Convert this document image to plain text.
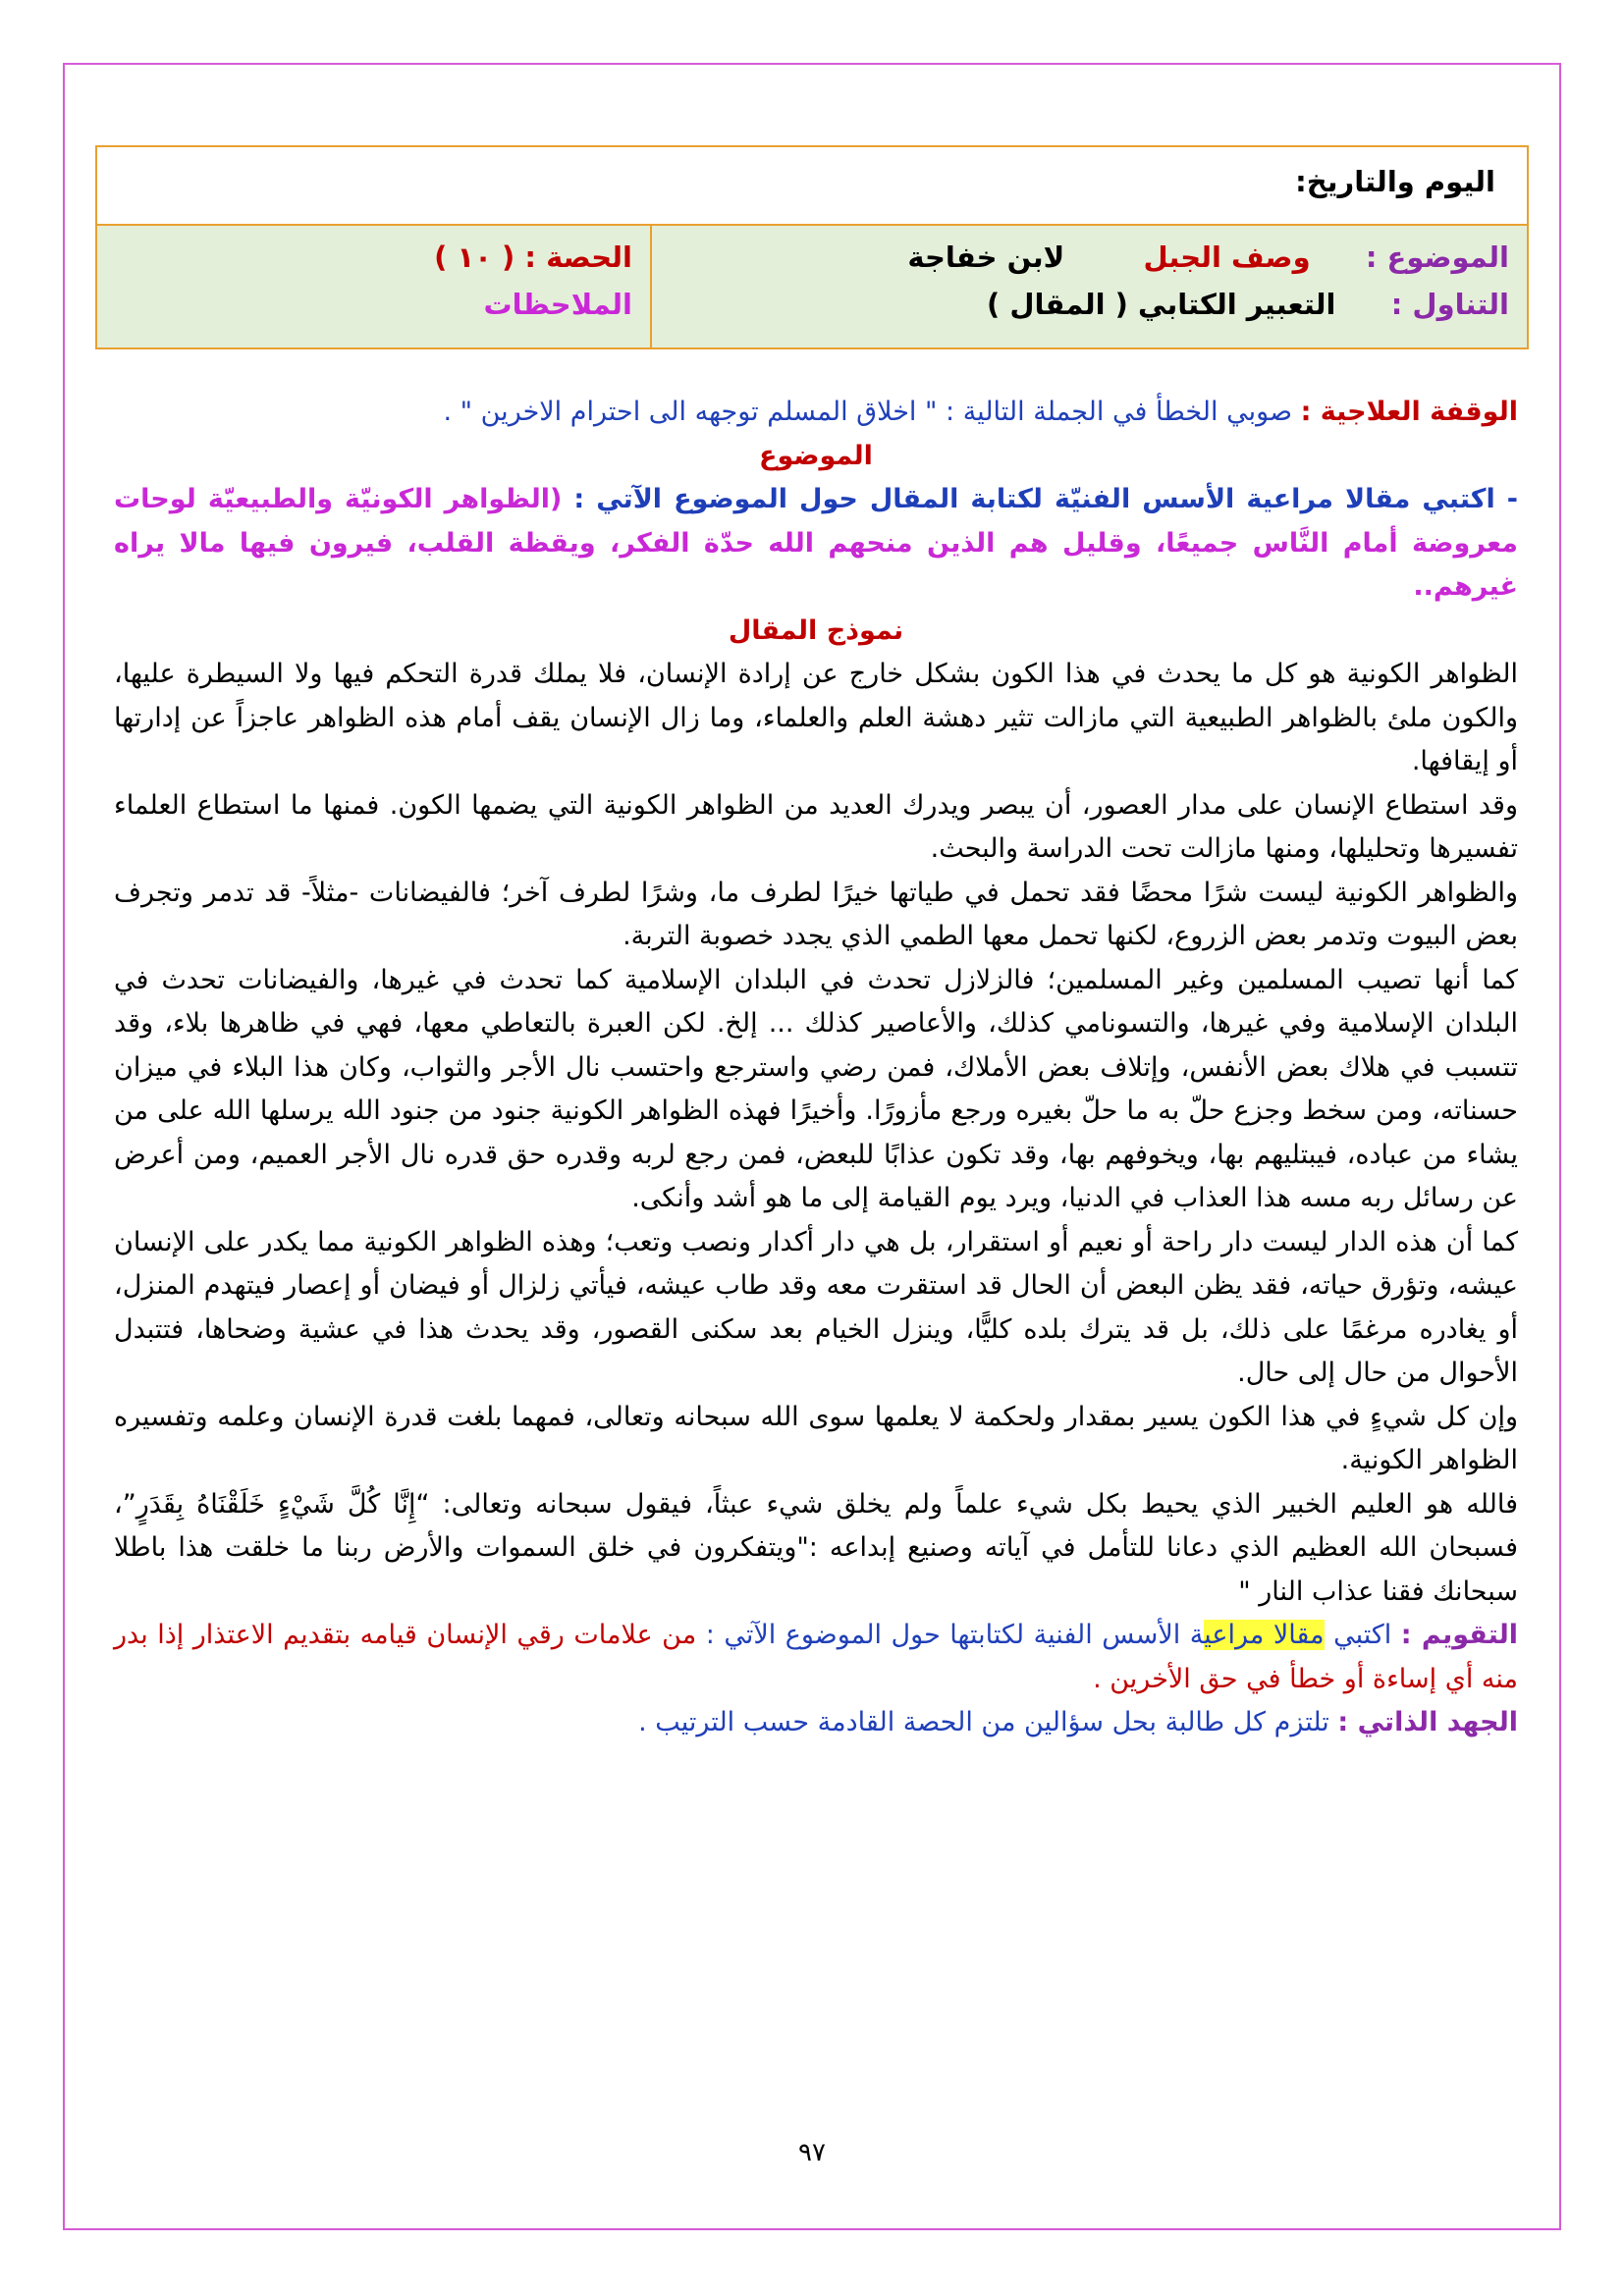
اليوم والتاريخ:
الموضوع :  وصف الجبل  لابن خفاجة
التناول :  التعبير الكتابي ( المقال )
الحصة : ( ١٠ )
الملاحظات

الوقفة العلاجية : صوبي الخطأ في الجملة التالية : " اخلاق المسلم توجهه الى احترام الاخرين " .

الموضوع

- اكتبي مقالا مراعية الأسس الفنيّة لكتابة المقال حول الموضوع الآتي : (الظواهر الكونيّة والطبيعيّة لوحات معروضة أمام النَّاس جميعًا، وقليل هم الذين منحهم الله حدّة الفكر، ويقظة القلب، فيرون فيها مالا يراه غيرهم..

نموذج المقال

الظواهر الكونية هو كل ما يحدث في هذا الكون بشكل خارج عن إرادة الإنسان، فلا يملك قدرة التحكم فيها ولا السيطرة عليها، والكون ملئ بالظواهر الطبيعية التي مازالت تثير دهشة العلم والعلماء، وما زال الإنسان يقف أمام هذه الظواهر عاجزاً عن إدارتها أو إيقافها.

وقد استطاع الإنسان على مدار العصور، أن يبصر ويدرك العديد من الظواهر الكونية التي يضمها الكون. فمنها ما استطاع العلماء تفسيرها وتحليلها، ومنها مازالت تحت الدراسة والبحث.

والظواهر الكونية ليست شرًا محضًا فقد تحمل في طياتها خيرًا لطرف ما، وشرًا لطرف آخر؛ فالفيضانات -مثلاً- قد تدمر وتجرف بعض البيوت وتدمر بعض الزروع، لكنها تحمل معها الطمي الذي يجدد خصوبة التربة.

كما أنها تصيب المسلمين وغير المسلمين؛ فالزلازل تحدث في البلدان الإسلامية كما تحدث في غيرها، والفيضانات تحدث في البلدان الإسلامية وفي غيرها، والتسونامي كذلك، والأعاصير كذلك ... إلخ. لكن العبرة بالتعاطي معها، فهي في ظاهرها بلاء، وقد تتسبب في هلاك بعض الأنفس، وإتلاف بعض الأملاك، فمن رضي واسترجع واحتسب نال الأجر والثواب، وكان هذا البلاء في ميزان حسناته، ومن سخط وجزع حلّ به ما حلّ بغيره ورجع مأزورًا. وأخيرًا فهذه الظواهر الكونية جنود من جنود الله يرسلها الله على من يشاء من عباده، فيبتليهم بها، ويخوفهم بها، وقد تكون عذابًا للبعض، فمن رجع لربه وقدره حق قدره نال الأجر العميم، ومن أعرض عن رسائل ربه مسه هذا العذاب في الدنيا، ويرد يوم القيامة إلى ما هو أشد وأنكى.

كما أن هذه الدار ليست دار راحة أو نعيم أو استقرار، بل هي دار أكدار ونصب وتعب؛ وهذه الظواهر الكونية مما يكدر على الإنسان عيشه، وتؤرق حياته، فقد يظن البعض أن الحال قد استقرت معه وقد طاب عيشه، فيأتي زلزال أو فيضان أو إعصار فيتهدم المنزل، أو يغادره مرغمًا على ذلك، بل قد يترك بلده كليًّا، وينزل الخيام بعد سكنى القصور، وقد يحدث هذا في عشية وضحاها، فتتبدل الأحوال من حال إلى حال.

وإن كل شيءٍ في هذا الكون يسير بمقدار ولحكمة لا يعلمها سوى الله سبحانه وتعالى، فمهما بلغت قدرة الإنسان وعلمه وتفسيره الظواهر الكونية.

فالله هو العليم الخبير الذي يحيط بكل شيء علماً ولم يخلق شيء عبثاً، فيقول سبحانه وتعالى: “إِنَّا كُلَّ شَيْءٍ خَلَقْنَاهُ بِقَدَرٍ”، فسبحان الله العظيم الذي دعانا للتأمل في آياته وصنيع إبداعه :"ويتفكرون في خلق السموات والأرض ربنا ما خلقت هذا باطلا سبحانك فقنا عذاب النار "

التقويم : اكتبي مقالا مراعية الأسس الفنية لكتابتها حول الموضوع الآتي : من علامات رقي الإنسان قيامه بتقديم الاعتذار إذا بدر منه أي إساءة أو خطأ في حق الأخرين .

الجهد الذاتي : تلتزم كل طالبة بحل سؤالين من الحصة القادمة حسب الترتيب .

٩٧
